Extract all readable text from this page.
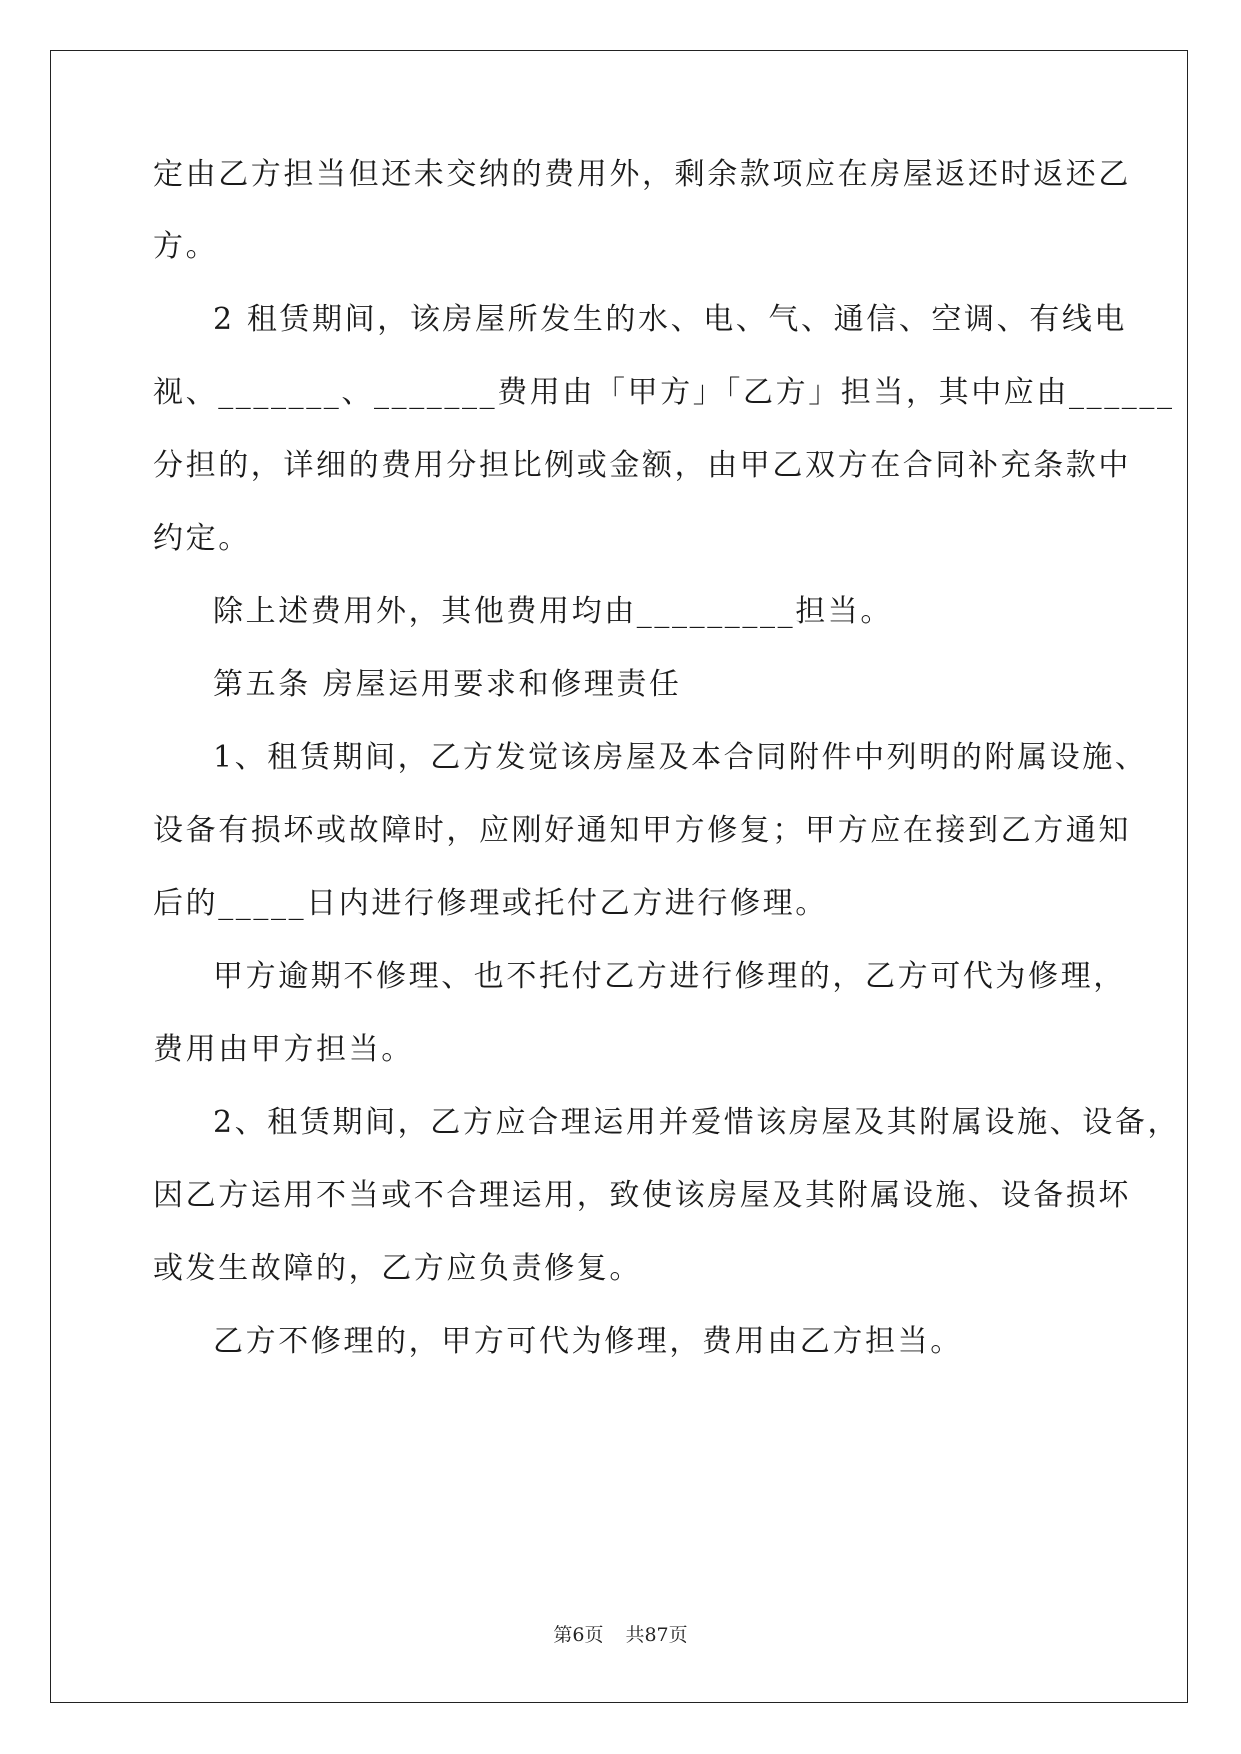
定由乙方担当但还未交纳的费用外，剩余款项应在房屋返还时返还乙
方。
2 租赁期间，该房屋所发生的水、电、气、通信、空调、有线电
视、_______、_______费用由「甲方」「乙方」担当，其中应由______
分担的，详细的费用分担比例或金额，由甲乙双方在合同补充条款中
约定。
除上述费用外，其他费用均由_________担当。
第五条 房屋运用要求和修理责任
1、租赁期间，乙方发觉该房屋及本合同附件中列明的附属设施、
设备有损坏或故障时，应刚好通知甲方修复；甲方应在接到乙方通知
后的_____日内进行修理或托付乙方进行修理。
甲方逾期不修理、也不托付乙方进行修理的，乙方可代为修理，
费用由甲方担当。
2、租赁期间，乙方应合理运用并爱惜该房屋及其附属设施、设备，
因乙方运用不当或不合理运用，致使该房屋及其附属设施、设备损坏
或发生故障的，乙方应负责修复。
乙方不修理的，甲方可代为修理，费用由乙方担当。
第6页 共87页
